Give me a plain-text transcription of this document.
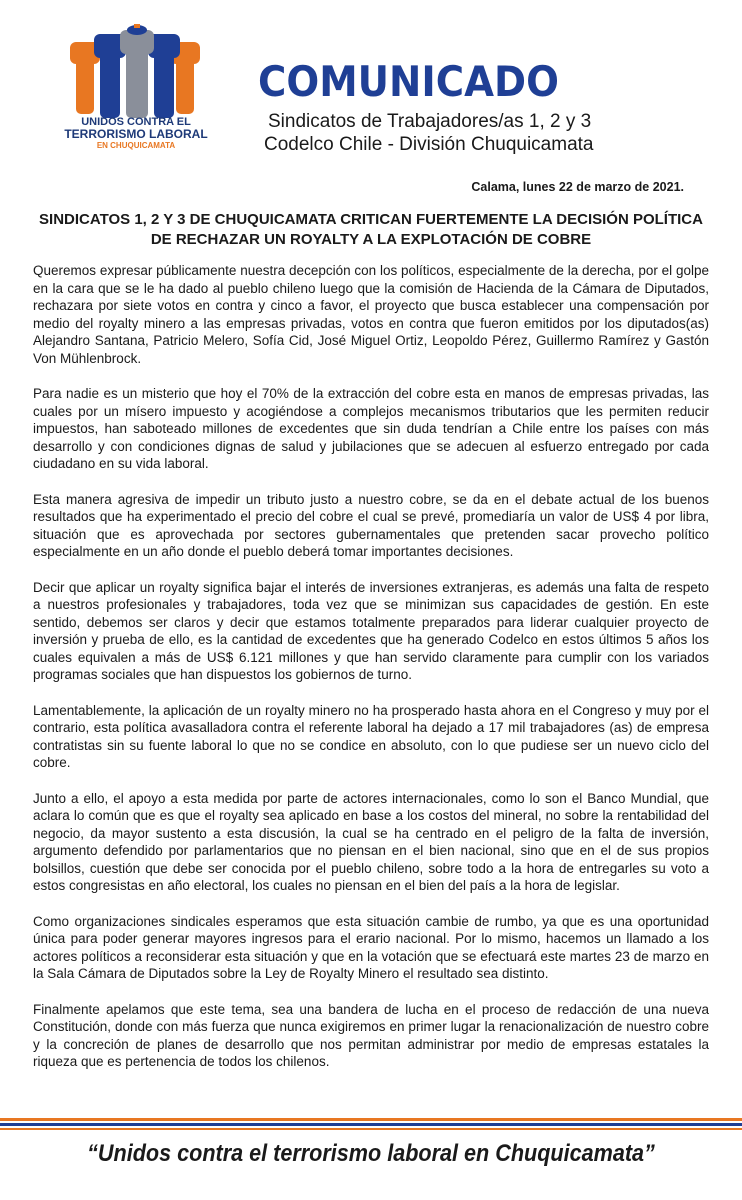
UNIDOS CONTRA EL
TERRORISMO LABORAL
EN CHUQUICAMATA
COMUNICADO
Sindicatos de Trabajadores/as 1, 2 y 3
Codelco Chile - División Chuquicamata
Calama, lunes 22 de marzo de 2021.
SINDICATOS 1, 2 Y 3 DE CHUQUICAMATA CRITICAN FUERTEMENTE LA DECISIÓN POLÍTICA DE RECHAZAR UN ROYALTY A LA EXPLOTACIÓN DE COBRE

Queremos expresar públicamente nuestra decepción con los políticos, especialmente de la derecha, por el golpe en la cara que se le ha dado al pueblo chileno luego que la comisión de Hacienda de la Cámara de Diputados, rechazara por siete votos en contra y cinco a favor, el proyecto que busca establecer una compensación por medio del royalty minero a las empresas privadas, votos en contra que fueron emitidos por los diputados(as) Alejandro Santana, Patricio Melero, Sofía Cid, José Miguel Ortiz, Leopoldo Pérez, Guillermo Ramírez y Gastón Von Mühlenbrock.

Para nadie es un misterio que hoy el 70% de la extracción del cobre esta en manos de empresas privadas, las cuales por un mísero impuesto y acogiéndose a complejos mecanismos tributarios que les permiten reducir impuestos, han saboteado millones de excedentes que sin duda tendrían a Chile entre los países con más desarrollo y con condiciones dignas de salud y jubilaciones que se adecuen al esfuerzo entregado por cada ciudadano en su vida laboral.

Esta manera agresiva de impedir un tributo justo a nuestro cobre, se da en el debate actual de los buenos resultados que ha experimentado el precio del cobre el cual se prevé, promediaría un valor de US$ 4 por libra, situación que es aprovechada por sectores gubernamentales que pretenden sacar provecho político especialmente en un año donde el pueblo deberá tomar importantes decisiones.

Decir que aplicar un royalty significa bajar el interés de inversiones extranjeras, es además una falta de respeto a nuestros profesionales y trabajadores, toda vez que se minimizan sus capacidades de gestión. En este sentido, debemos ser claros y decir que estamos totalmente preparados para liderar cualquier proyecto de inversión y prueba de ello, es la cantidad de excedentes que ha generado Codelco en estos últimos 5 años los cuales equivalen a más de US$ 6.121 millones y que han servido claramente para cumplir con los variados programas sociales que han dispuestos los gobiernos de turno.

Lamentablemente, la aplicación de un royalty minero no ha prosperado hasta ahora en el Congreso y muy por el contrario, esta política avasalladora contra el referente laboral ha dejado a 17 mil trabajadores (as) de empresa contratistas sin su fuente laboral lo que no se condice en absoluto, con lo que pudiese ser un nuevo ciclo del cobre.

Junto a ello, el apoyo a esta medida por parte de actores internacionales, como lo son el Banco Mundial, que aclara lo común que es que el royalty sea aplicado en base a los costos del mineral, no sobre la rentabilidad del negocio, da mayor sustento a esta discusión, la cual se ha centrado en el peligro de la falta de inversión, argumento defendido por parlamentarios que no piensan en el bien nacional, sino que en el de sus propios bolsillos, cuestión que debe ser conocida por el pueblo chileno, sobre todo a la hora de entregarles su voto a estos congresistas en año electoral, los cuales no piensan en el bien del país a la hora de legislar.

Como organizaciones sindicales esperamos que esta situación cambie de rumbo, ya que es una oportunidad única para poder generar mayores ingresos para el erario nacional. Por lo mismo, hacemos un llamado a los actores políticos a reconsiderar esta situación y que en la votación que se efectuará este martes 23 de marzo en la Sala Cámara de Diputados sobre la Ley de Royalty Minero el resultado sea distinto.

Finalmente apelamos que este tema, sea una bandera de lucha en el proceso de redacción de una nueva Constitución, donde con más fuerza que nunca exigiremos en primer lugar la renacionalización de nuestro cobre y la concreción de planes de desarrollo que nos permitan administrar por medio de empresas estatales la riqueza que es pertenencia de todos los chilenos.

“Unidos contra el terrorismo laboral en Chuquicamata”
